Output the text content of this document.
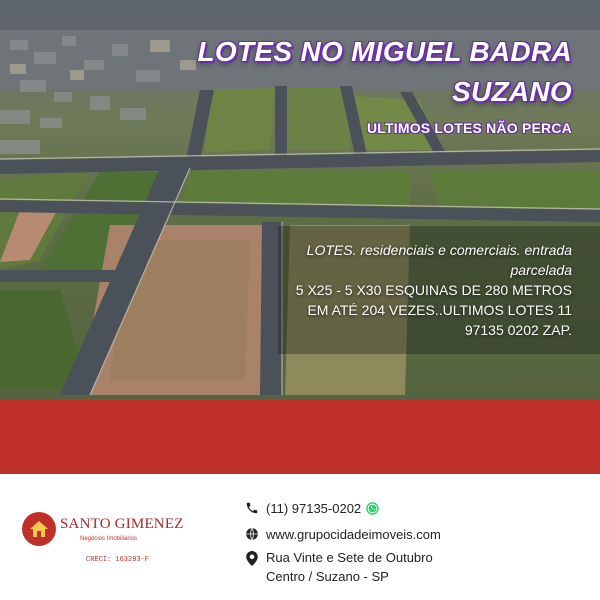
LOTES NO MIGUEL BADRA
SUZANO
ULTIMOS LOTES NÃO PERCA
LOTES. residenciais e comerciais. entrada
parcelada
5 X25 - 5 X30 ESQUINAS DE 280 METROS
EM ATÉ 204 VEZES..ULTIMOS LOTES 11
97135 0202 ZAP.
SANTO GIMENEZ
Negócios Imobiliários
CRECI: 163293-F
(11) 97135-0202
www.grupocidadeimoveis.com
Rua Vinte e Sete de Outubro
Centro / Suzano - SP
